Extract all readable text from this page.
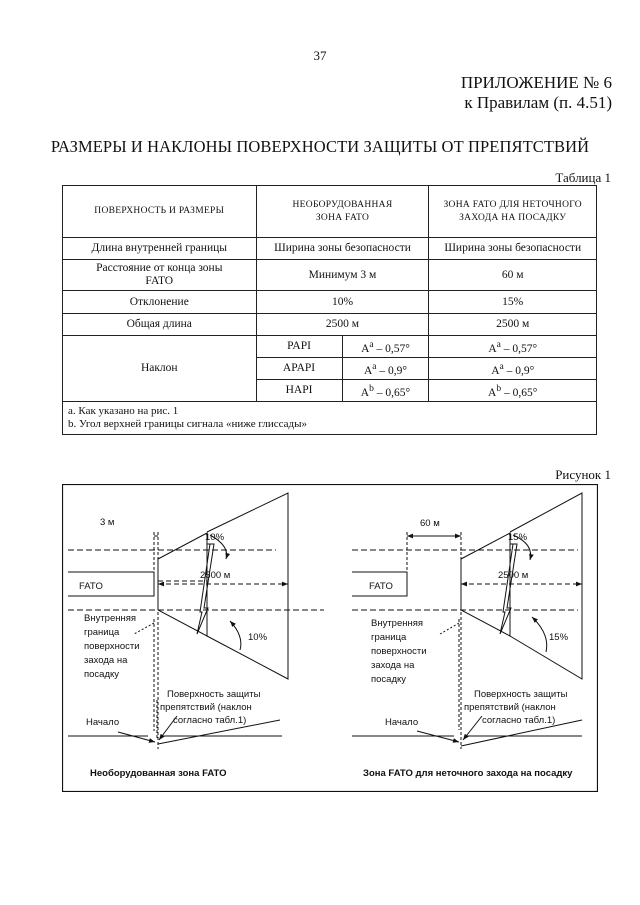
37
ПРИЛОЖЕНИЕ № 6
к Правилам (п. 4.51)
РАЗМЕРЫ И НАКЛОНЫ ПОВЕРХНОСТИ ЗАЩИТЫ ОТ ПРЕПЯТСТВИЙ
Таблица 1
ПОВЕРХНОСТЬ И РАЗМЕРЫ	НЕОБОРУДОВАННАЯ ЗОНА FATO		ЗОНА FATO ДЛЯ НЕТОЧНОГО ЗАХОДА НА ПОСАДКУ
Длина внутренней границы	Ширина зоны безопасности		Ширина зоны безопасности
Расстояние от конца зоны FATO	Минимум 3 м		60 м
Отклонение	10%		15%
Общая длина	2500 м		2500 м
Наклон	PAPI	$A^a - 0,57^\circ$	$A^a - 0,57^\circ$
	APAPI	$A^a - 0,9^\circ$	$A^a - 0,9^\circ$
	HAPI	$A^b - 0,65^\circ$	$A^b - 0,65^\circ$

a. Как указано на рис. 1
b. Угол верхней границы сигнала «ниже глиссады»			
Рисунок 1
3 м
FATO
2500 м
10%
10%
Внутренняя
граница
поверхности
захода на
посадку
Поверхность защиты
препятствий (наклон
согласно табл.1)
Начало
Необорудованная зона FATO
60 м
FATO
2500 м
15%
15%
Внутренняя
граница
поверхности
захода на
посадку
Поверхность защиты
препятствий (наклон
согласно табл.1)
Начало
Зона FATO для неточного захода на посадку
